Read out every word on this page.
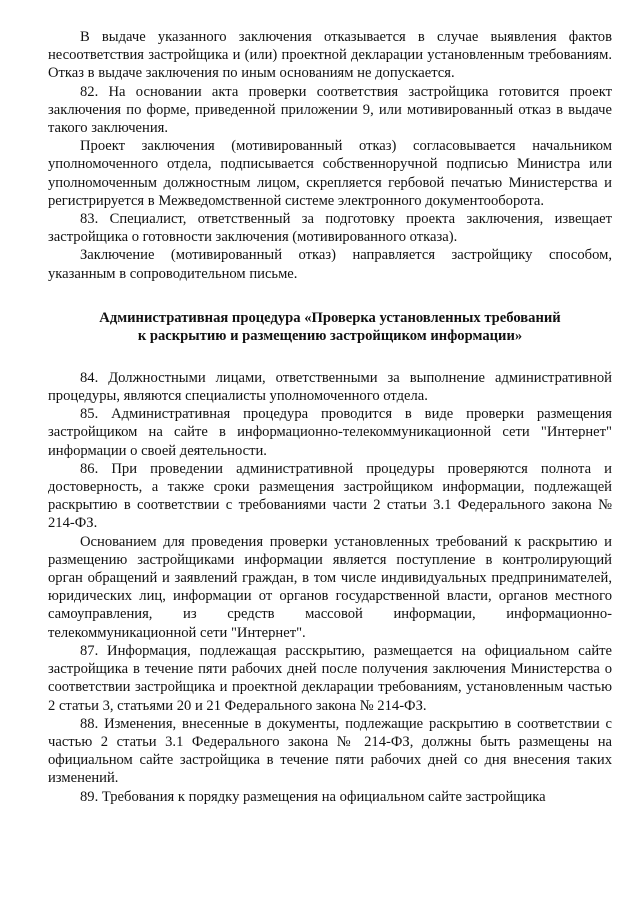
В выдаче указанного заключения отказывается в случае выявления фактов несоответствия застройщика и (или) проектной декларации установленным требованиям. Отказ в выдаче заключения по иным основаниям не допускается.

82. На основании акта проверки соответствия застройщика готовится проект заключения по форме, приведенной приложении 9, или мотивированный отказ в выдаче такого заключения.

Проект заключения (мотивированный отказ) согласовывается начальником уполномоченного отдела, подписывается собственноручной подписью Министра или уполномоченным должностным лицом, скрепляется гербовой печатью Министерства и регистрируется в Межведомственной системе электронного документооборота.

83. Специалист, ответственный за подготовку проекта заключения, извещает застройщика о готовности заключения (мотивированного отказа).

Заключение (мотивированный отказ) направляется застройщику способом, указанным в сопроводительном письме.

Административная процедура «Проверка установленных требований
к раскрытию и размещению застройщиком информации»

84. Должностными лицами, ответственными за выполнение административной процедуры, являются специалисты уполномоченного отдела.

85. Административная процедура проводится в виде проверки размещения застройщиком на сайте в информационно-телекоммуникационной сети "Интернет" информации о своей деятельности.

86. При проведении административной процедуры проверяются полнота и достоверность, а также сроки размещения застройщиком информации, подлежащей раскрытию в соответствии с требованиями части 2 статьи 3.1 Федерального закона № 214-ФЗ.

Основанием для проведения проверки установленных требований к раскрытию и размещению застройщиками информации является поступление в контролирующий орган обращений и заявлений граждан, в том числе индивидуальных предпринимателей, юридических лиц, информации от органов государственной власти, органов местного самоуправления, из средств массовой информации, информационно-телекоммуникационной сети "Интернет".

87. Информация, подлежащая расскрытию, размещается на официальном сайте застройщика в течение пяти рабочих дней после получения заключения Министерства о соответствии застройщика и проектной декларации требованиям, установленным частью 2 статьи 3, статьями 20 и 21 Федерального закона № 214-ФЗ.

88. Изменения, внесенные в документы, подлежащие раскрытию в соответствии с частью 2 статьи 3.1 Федерального закона № 214-ФЗ, должны быть размещены на официальном сайте застройщика в течение пяти рабочих дней со дня внесения таких изменений.

89. Требования к порядку размещения на официальном сайте застройщика
